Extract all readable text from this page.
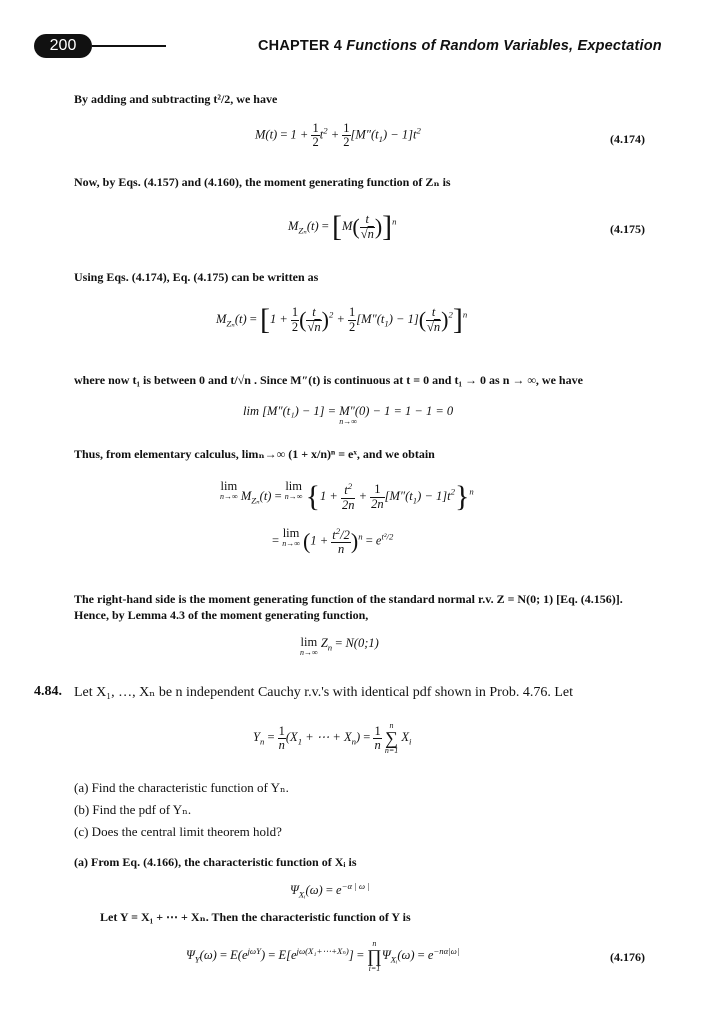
200	CHAPTER 4 Functions of Random Variables, Expectation
By adding and subtracting t²/2, we have
$M(t) = 1 + \frac{1}{2} t^2 + \frac{1}{2} [M''(t_1) - 1]t^2$
(4.174)
Now, by Eqs. (4.157) and (4.160), the moment generating function of Zₙ is
$M_{Z_n}(t) = [M( \frac{t}{√n} )]^n$
(4.175)
Using Eqs. (4.174), Eq. (4.175) can be written as
$M_{Z_n}(t) = [1 + \frac{1}{2}$ ( $\frac{t}{√n} )^2 + \frac{1}{2} [M''(t_1) - 1]( \frac{t}{√n} )^2]^n$
where now t₁ is between 0 and t/√n . Since M″(t) is continuous at t = 0 and t₁ → 0 as n → ∞, we have
lim [M″(t₁) − 1] = M″(0) − 1 = 1 − 1 = 0
n→∞
Thus, from elementary calculus, limₙ→∞ (1 + x/n)ⁿ = eˣ, and we obtain
lim
n→∞ $M_{Z_n}(t)$ =
lim
n→∞ $\{1 + \frac{t^2}{2n} + \frac{1}{2n} [M''(t_1) - 1]t^2\}^n$
=
lim
n→∞ $(1 + \frac{t^2/2}{n} )^n = e^{t^2/2}$
The right-hand side is the moment generating function of the standard normal r.v. Z = N(0; 1) [Eq. (4.156)].
Hence, by Lemma 4.3 of the moment generating function,
lim
n→∞
$Z_n$ = N(0;1)
4.84. Let X₁, …, Xₙ be n independent Cauchy r.v.'s with identical pdf shown in Prob. 4.76. Let
$Y_n = \frac{1}{n} (X_1$ + ⋯ + $X_n) = \frac{1}{n}$
n
∑
n=1
$X_i$
(a) Find the characteristic function of Yₙ.
(b) Find the pdf of Yₙ.
(c) Does the central limit theorem hold?
(a) From Eq. (4.166), the characteristic function of Xᵢ is
$\Psi_{Xᵢ}(\omega) = e^{-\alpha | \omega |}$
Let Y = X₁ + ⋯ + Xₙ. Then the characteristic function of Y is
$\Psi_Y(\omega) = E(e^{j\omega Y}) = E[e^{j\omega(X_1+\cdots+X_n)}]$ =
n
∏
i=1
$\Psi_{Xᵢ}(\omega) = e^{-n\alpha|\omega|}$	(4.176)
